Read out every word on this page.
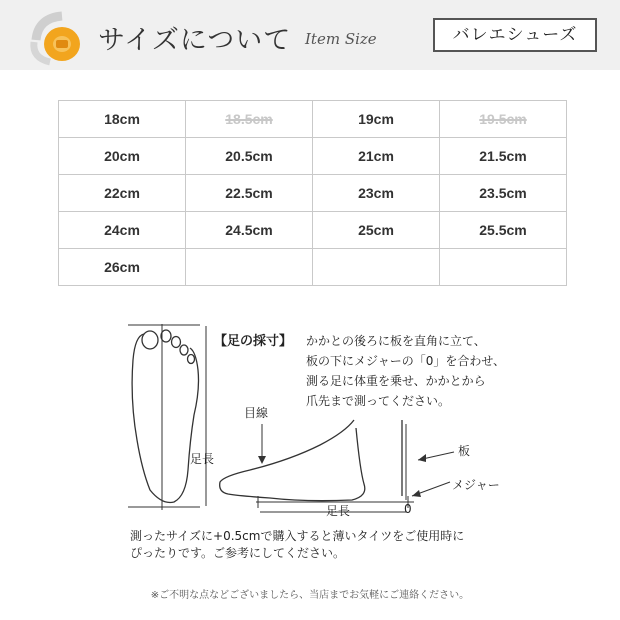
サイズについて Item Size	バレエシューズ
18cm	18.5cm	19cm	19.5cm
20cm	20.5cm	21cm	21.5cm
22cm	22.5cm	23cm	23.5cm
24cm	24.5cm	25cm	25.5cm
26cm			
【足の採寸】 かかとの後ろに板を直角に立て、
板の下にメジャーの「0」を合わせ、
測る足に体重を乗せ、かかとから
爪先まで測ってください。
足長
目線
板
メジャー
0
足長
測ったサイズに+0.5cmで購入すると薄いタイツをご使用時に
ぴったりです。ご参考にしてください。
※ご不明な点などございましたら、当店までお気軽にご連絡ください。
